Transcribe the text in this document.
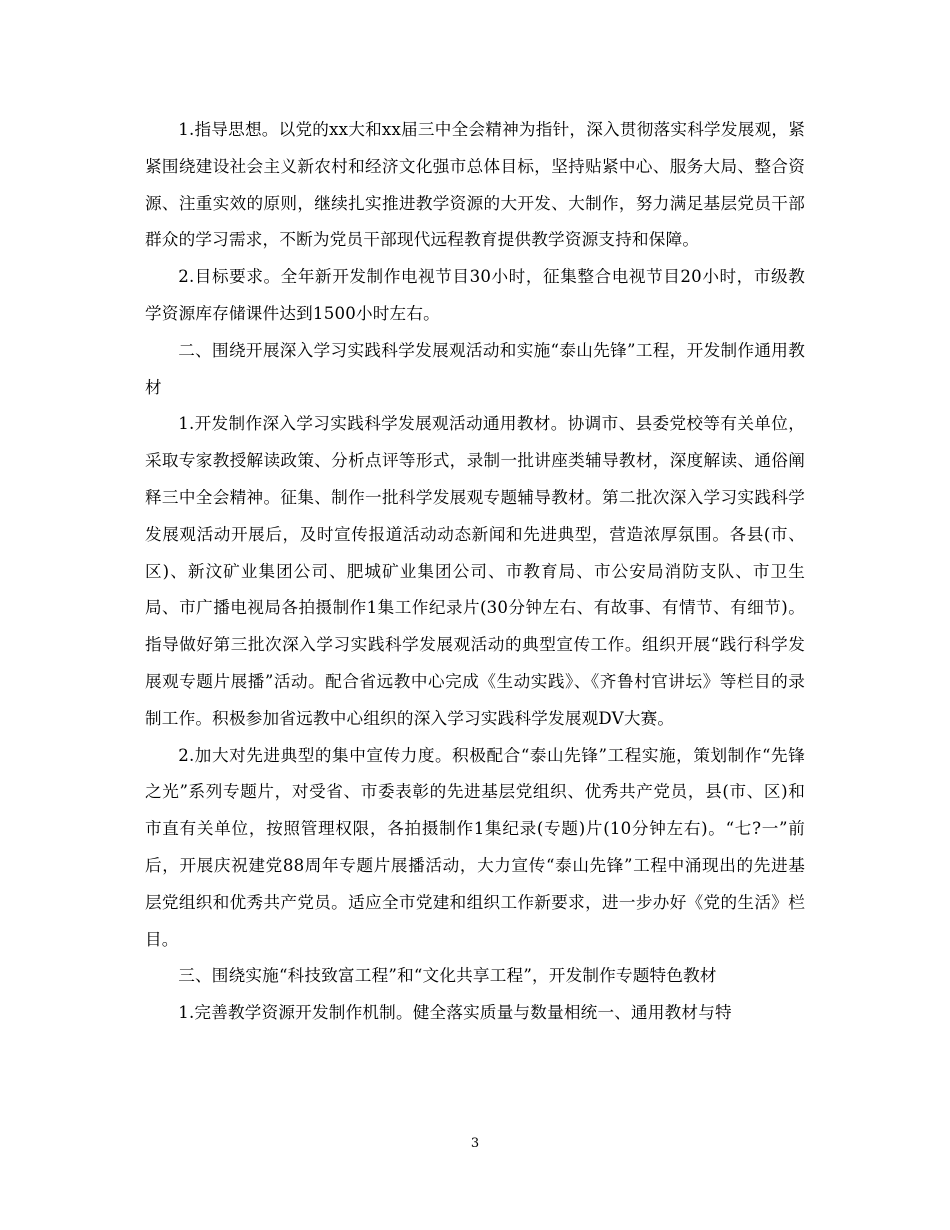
1.指导思想。以党的xx大和xx届三中全会精神为指针，深入贯彻落实科学发展观，紧紧围绕建设社会主义新农村和经济文化强市总体目标，坚持贴紧中心、服务大局、整合资源、注重实效的原则，继续扎实推进教学资源的大开发、大制作，努力满足基层党员干部群众的学习需求，不断为党员干部现代远程教育提供教学资源支持和保障。

2.目标要求。全年新开发制作电视节目30小时，征集整合电视节目20小时，市级教学资源库存储课件达到1500小时左右。

二、围绕开展深入学习实践科学发展观活动和实施“泰山先锋”工程，开发制作通用教材

1.开发制作深入学习实践科学发展观活动通用教材。协调市、县委党校等有关单位，采取专家教授解读政策、分析点评等形式，录制一批讲座类辅导教材，深度解读、通俗阐释三中全会精神。征集、制作一批科学发展观专题辅导教材。第二批次深入学习实践科学发展观活动开展后，及时宣传报道活动动态新闻和先进典型，营造浓厚氛围。各县(市、区)、新汶矿业集团公司、肥城矿业集团公司、市教育局、市公安局消防支队、市卫生局、市广播电视局各拍摄制作1集工作纪录片(30分钟左右、有故事、有情节、有细节)。指导做好第三批次深入学习实践科学发展观活动的典型宣传工作。组织开展“践行科学发展观专题片展播”活动。配合省远教中心完成《生动实践》、《齐鲁村官讲坛》等栏目的录制工作。积极参加省远教中心组织的深入学习实践科学发展观DV大赛。

2.加大对先进典型的集中宣传力度。积极配合“泰山先锋”工程实施，策划制作“先锋之光”系列专题片，对受省、市委表彰的先进基层党组织、优秀共产党员，县(市、区)和市直有关单位，按照管理权限，各拍摄制作1集纪录(专题)片(10分钟左右)。“七?一”前后，开展庆祝建党88周年专题片展播活动，大力宣传“泰山先锋”工程中涌现出的先进基层党组织和优秀共产党员。适应全市党建和组织工作新要求，进一步办好《党的生活》栏目。

三、围绕实施“科技致富工程”和“文化共享工程”，开发制作专题特色教材

1.完善教学资源开发制作机制。健全落实质量与数量相统一、通用教材与特

3
